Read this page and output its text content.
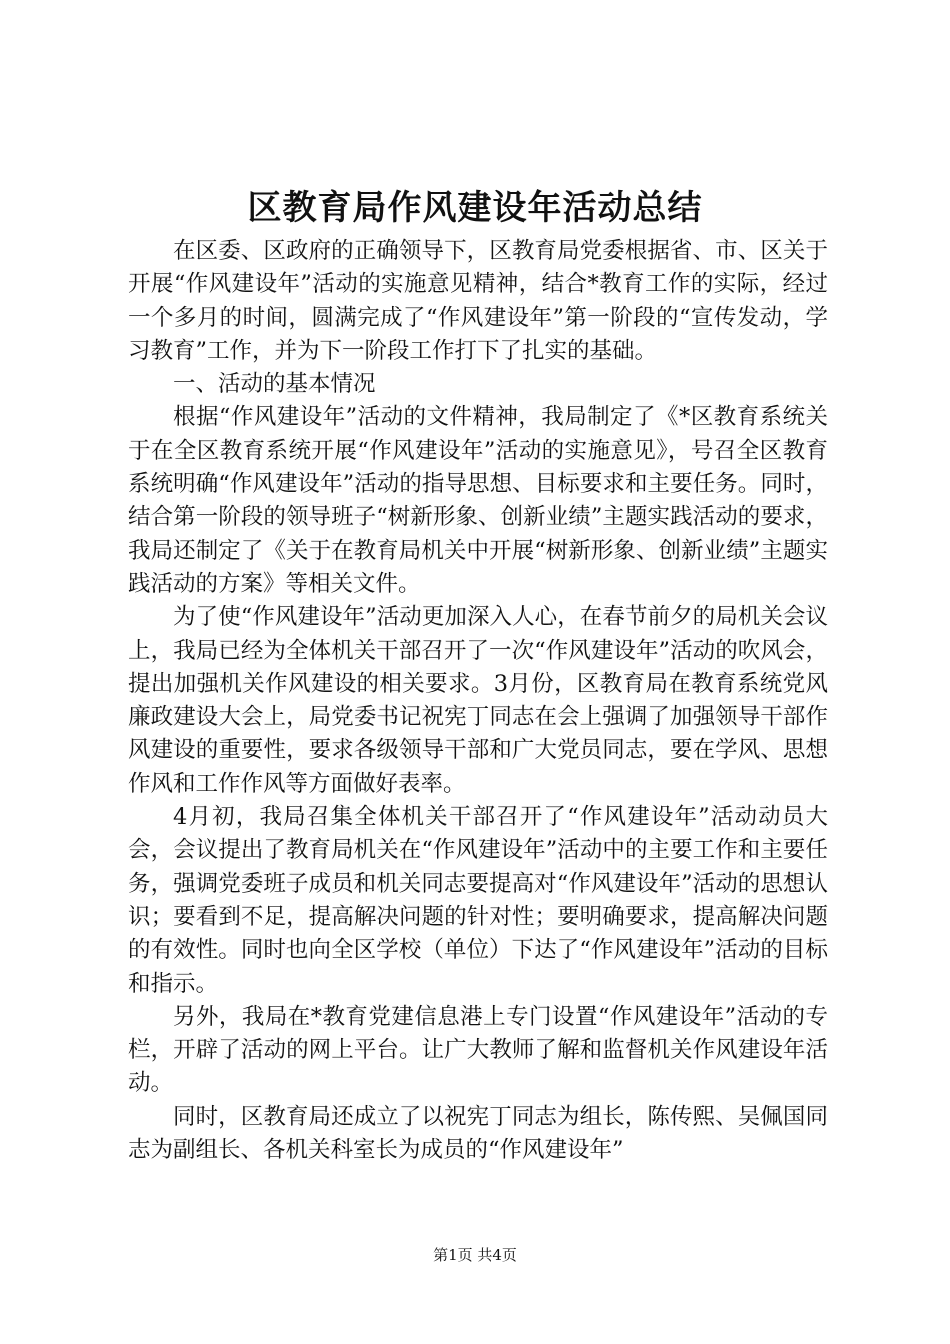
区教育局作风建设年活动总结

在区委、区政府的正确领导下，区教育局党委根据省、市、区关于开展“作风建设年”活动的实施意见精神，结合*教育工作的实际，经过一个多月的时间，圆满完成了“作风建设年”第一阶段的“宣传发动，学习教育”工作，并为下一阶段工作打下了扎实的基础。

一、活动的基本情况

根据“作风建设年”活动的文件精神，我局制定了《*区教育系统关于在全区教育系统开展“作风建设年”活动的实施意见》，号召全区教育系统明确“作风建设年”活动的指导思想、目标要求和主要任务。同时，结合第一阶段的领导班子“树新形象、创新业绩”主题实践活动的要求，我局还制定了《关于在教育局机关中开展“树新形象、创新业绩”主题实践活动的方案》等相关文件。

为了使“作风建设年”活动更加深入人心，在春节前夕的局机关会议上，我局已经为全体机关干部召开了一次“作风建设年”活动的吹风会，提出加强机关作风建设的相关要求。3月份，区教育局在教育系统党风廉政建设大会上，局党委书记祝宪丁同志在会上强调了加强领导干部作风建设的重要性，要求各级领导干部和广大党员同志，要在学风、思想作风和工作作风等方面做好表率。

4月初，我局召集全体机关干部召开了“作风建设年”活动动员大会，会议提出了教育局机关在“作风建设年”活动中的主要工作和主要任务，强调党委班子成员和机关同志要提高对“作风建设年”活动的思想认识；要看到不足，提高解决问题的针对性；要明确要求，提高解决问题的有效性。同时也向全区学校（单位）下达了“作风建设年”活动的目标和指示。

另外，我局在*教育党建信息港上专门设置“作风建设年”活动的专栏，开辟了活动的网上平台。让广大教师了解和监督机关作风建设年活动。

同时，区教育局还成立了以祝宪丁同志为组长，陈传熙、吴佩国同志为副组长、各机关科室长为成员的“作风建设年”

第1页 共4页
